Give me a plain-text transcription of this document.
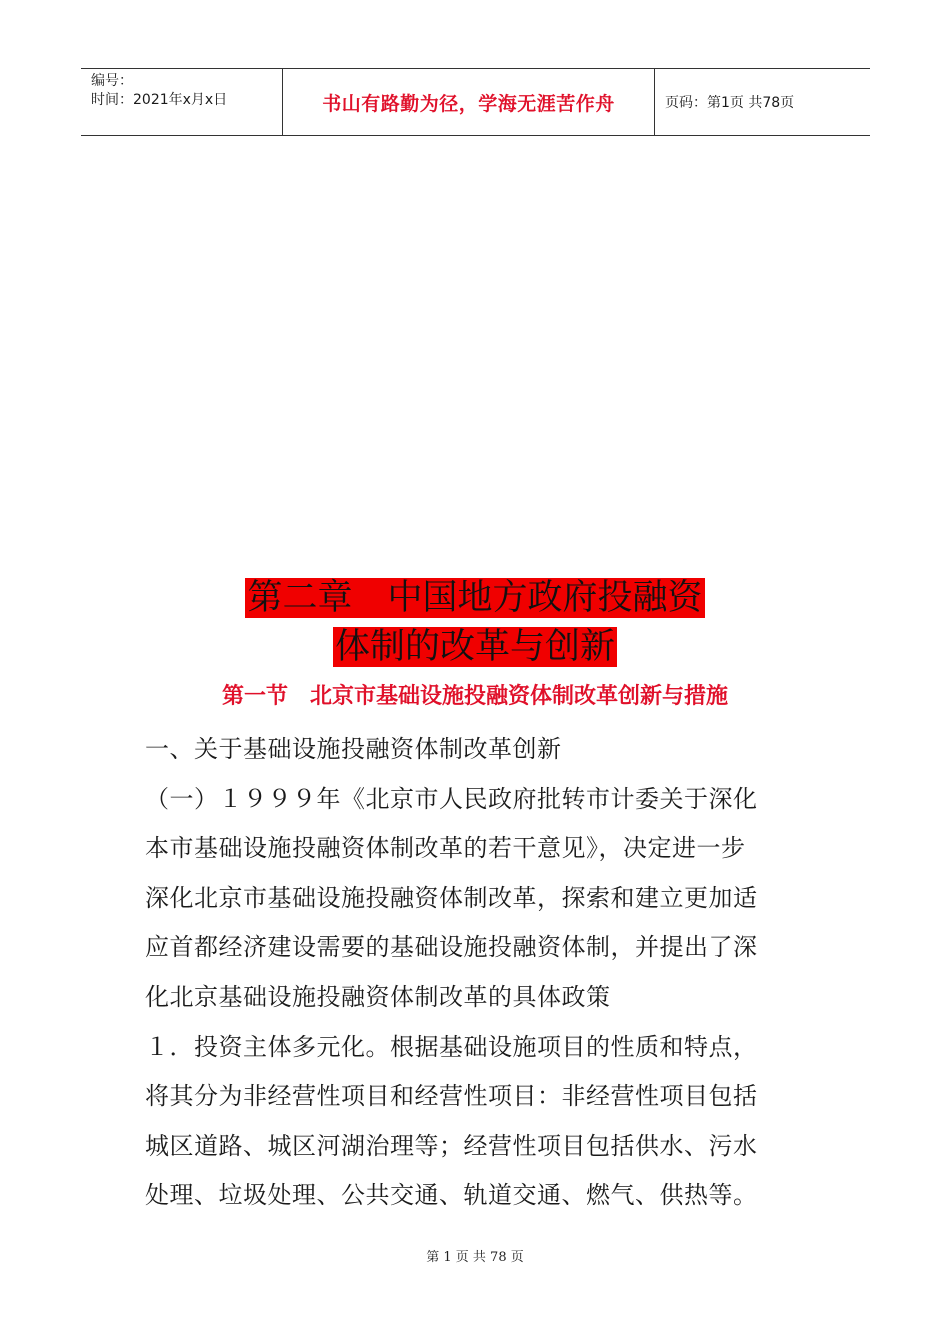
编号：
时间：2021年x月x日	书山有路勤为径，学海无涯苦作舟	页码：第1页 共78页
第二章　中国地方政府投融资
体制的改革与创新
第一节　北京市基础设施投融资体制改革创新与措施
一、关于基础设施投融资体制改革创新
（一）１９９９年《北京市人民政府批转市计委关于深化
本市基础设施投融资体制改革的若干意见》，决定进一步
深化北京市基础设施投融资体制改革，探索和建立更加适
应首都经济建设需要的基础设施投融资体制，并提出了深
化北京基础设施投融资体制改革的具体政策
１．投资主体多元化。根据基础设施项目的性质和特点，
将其分为非经营性项目和经营性项目：非经营性项目包括
城区道路、城区河湖治理等；经营性项目包括供水、污水
处理、垃圾处理、公共交通、轨道交通、燃气、供热等。
第 1 页 共 78 页
